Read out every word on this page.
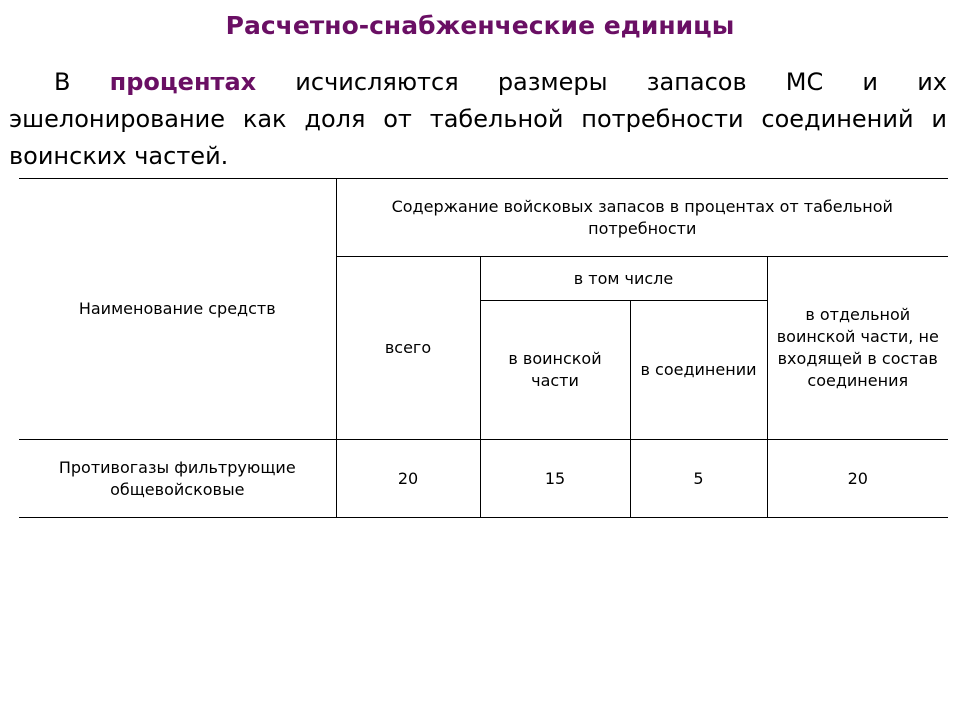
Расчетно-снабженческие единицы

В процентах исчисляются размеры запасов МС и их
эшелонирование как доля от табельной потребности соединений и воинских частей.

Наименование средств	Содержание войсковых запасов в процентах от табельной потребности			
	всего	в том числе		в отдельной воинской части, не входящей в состав соединения
		в воинской части	в соединении	
Противогазы фильтрующие общевойсковые	20	15	5	20
